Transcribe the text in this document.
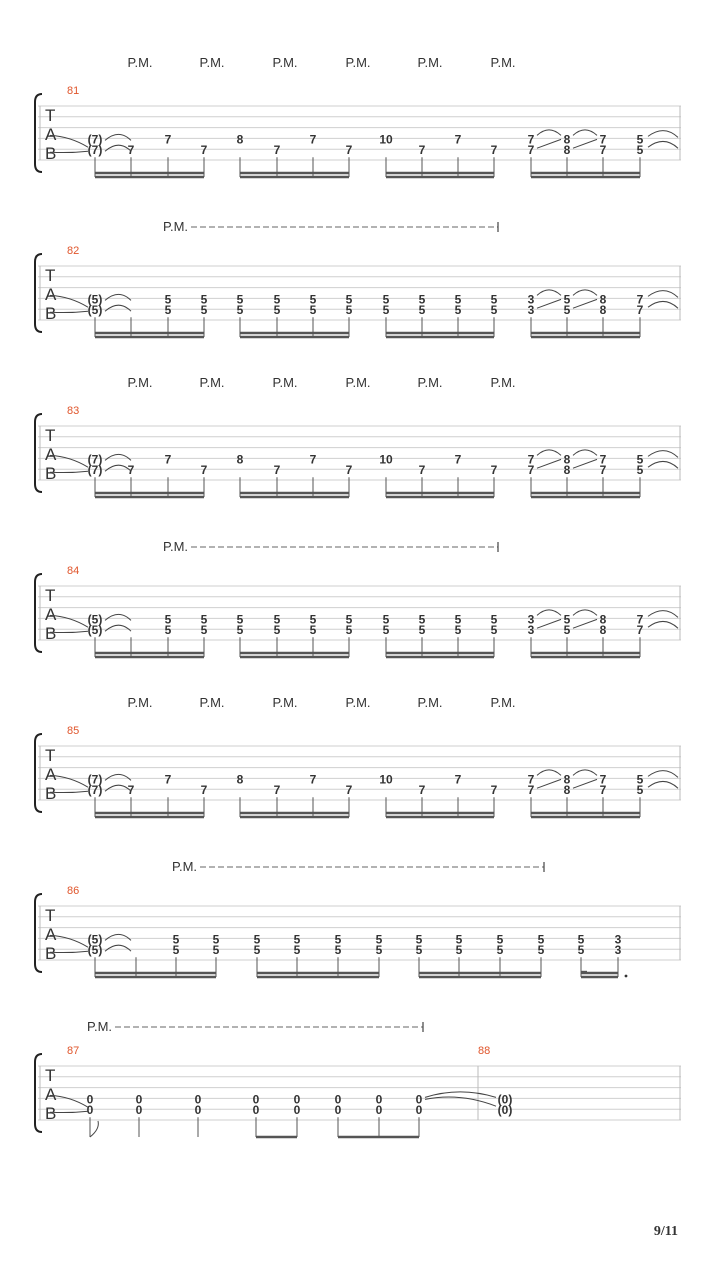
T
A
B
81
P.M.	P.M.	P.M.	P.M.	P.M.	P.M.
(7)
(7) 7
7
7
8
7
7
7
10
7
7
7
7
7
8
8
7
7
5
5
T
A
B
82
P.M.
(5)
(5)
5
5
5
5
5
5
5
5
5
5
5
5
5
5
5
5
5
5
5
5
3
3
5
5
8
8
7
7
T
A
B
83
P.M.	P.M.	P.M.	P.M.	P.M.	P.M.
(7)
(7) 7
7
7
8
7
7
7
10
7
7
7
7
7
8
8
7
7
5
5
T
A
B
84
P.M.
(5)
(5)
5
5
5
5
5
5
5
5
5
5
5
5
5
5
5
5
5
5
5
5
3
3
5
5
8
8
7
7
T
A
B
85
P.M.	P.M.	P.M.	P.M.	P.M.	P.M.
(7)
(7) 7
7
7
8
7
7
7
10
7
7
7
7
7
8
8
7
7
5
5
T
A
B
86
P.M.
(5)
(5)
5
5
5
5
5
5
5
5
5
5
5
5
5
5
5
5
5
5
5
5
5
5
3
3
T
A
B
87	88
P.M.
0
0
0
0
0
0
0
0
0
0
0
0
0
0
0
0
(0)
(0)
9/11
